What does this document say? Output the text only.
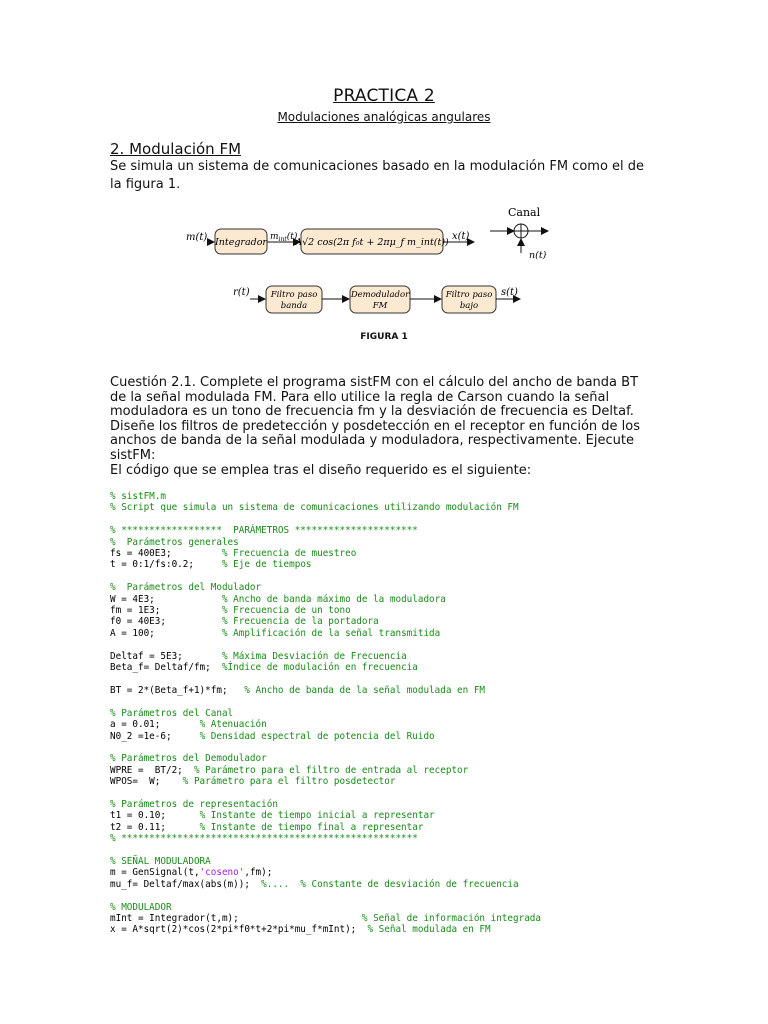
PRACTICA 2
Modulaciones analógicas angulares
2. Modulación FM
Se simula un sistema de comunicaciones basado en la modulación FM como el de la figura 1.
m(t) Integrador $m_{int}(t)$
A√2 cos(2π f₀t + 2πμ_f m_int(t))
x(t)
Canal
n(t)
r(t) Filtro paso
banda
Demodulador
FM
Filtro paso
bajo
s(t)
FIGURA 1
Cuestión 2.1. Complete el programa sistFM con el cálculo del ancho de banda BT de la señal modulada FM. Para ello utilice la regla de Carson cuando la señal moduladora es un tono de frecuencia fm y la desviación de frecuencia es Deltaf. Diseñe los filtros de predetección y posdetección en el receptor en función de los anchos de banda de la señal modulada y moduladora, respectivamente. Ejecute sistFM:
El código que se emplea tras el diseño requerido es el siguiente:
% sistFM.m
% Script que simula un sistema de comunicaciones utilizando modulación FM

% ******************  PARÁMETROS **********************
%  Parámetros generales
fs = 400E3;         % Frecuencia de muestreo
t = 0:1/fs:0.2;     % Eje de tiempos

%  Parámetros del Modulador
W = 4E3;            % Ancho de banda máximo de la moduladora
fm = 1E3;           % Frecuencia de un tono
f0 = 40E3;          % Frecuencia de la portadora
A = 100;            % Amplificación de la señal transmitida

Deltaf = 5E3;       % Máxima Desviación de Frecuencia
Beta_f= Deltaf/fm;  %Índice de modulación en frecuencia

BT = 2*(Beta_f+1)*fm;   % Ancho de banda de la señal modulada en FM

% Parámetros del Canal
a = 0.01;       % Atenuación
N0_2 =1e-6;     % Densidad espectral de potencia del Ruido

% Parámetros del Demodulador
WPRE =  BT/2;  % Parámetro para el filtro de entrada al receptor
WPOS=  W;    % Parámetro para el filtro posdetector

% Parámetros de representación
t1 = 0.10;      % Instante de tiempo inicial a representar
t2 = 0.11;      % Instante de tiempo final a representar
% *****************************************************

% SEÑAL MODULADORA
m = GenSignal(t,'coseno',fm);
mu_f= Deltaf/max(abs(m));  %....  % Constante de desviación de frecuencia

% MODULADOR
mInt = Integrador(t,m);                      % Señal de información integrada
x = A*sqrt(2)*cos(2*pi*f0*t+2*pi*mu_f*mInt);  % Señal modulada en FM
